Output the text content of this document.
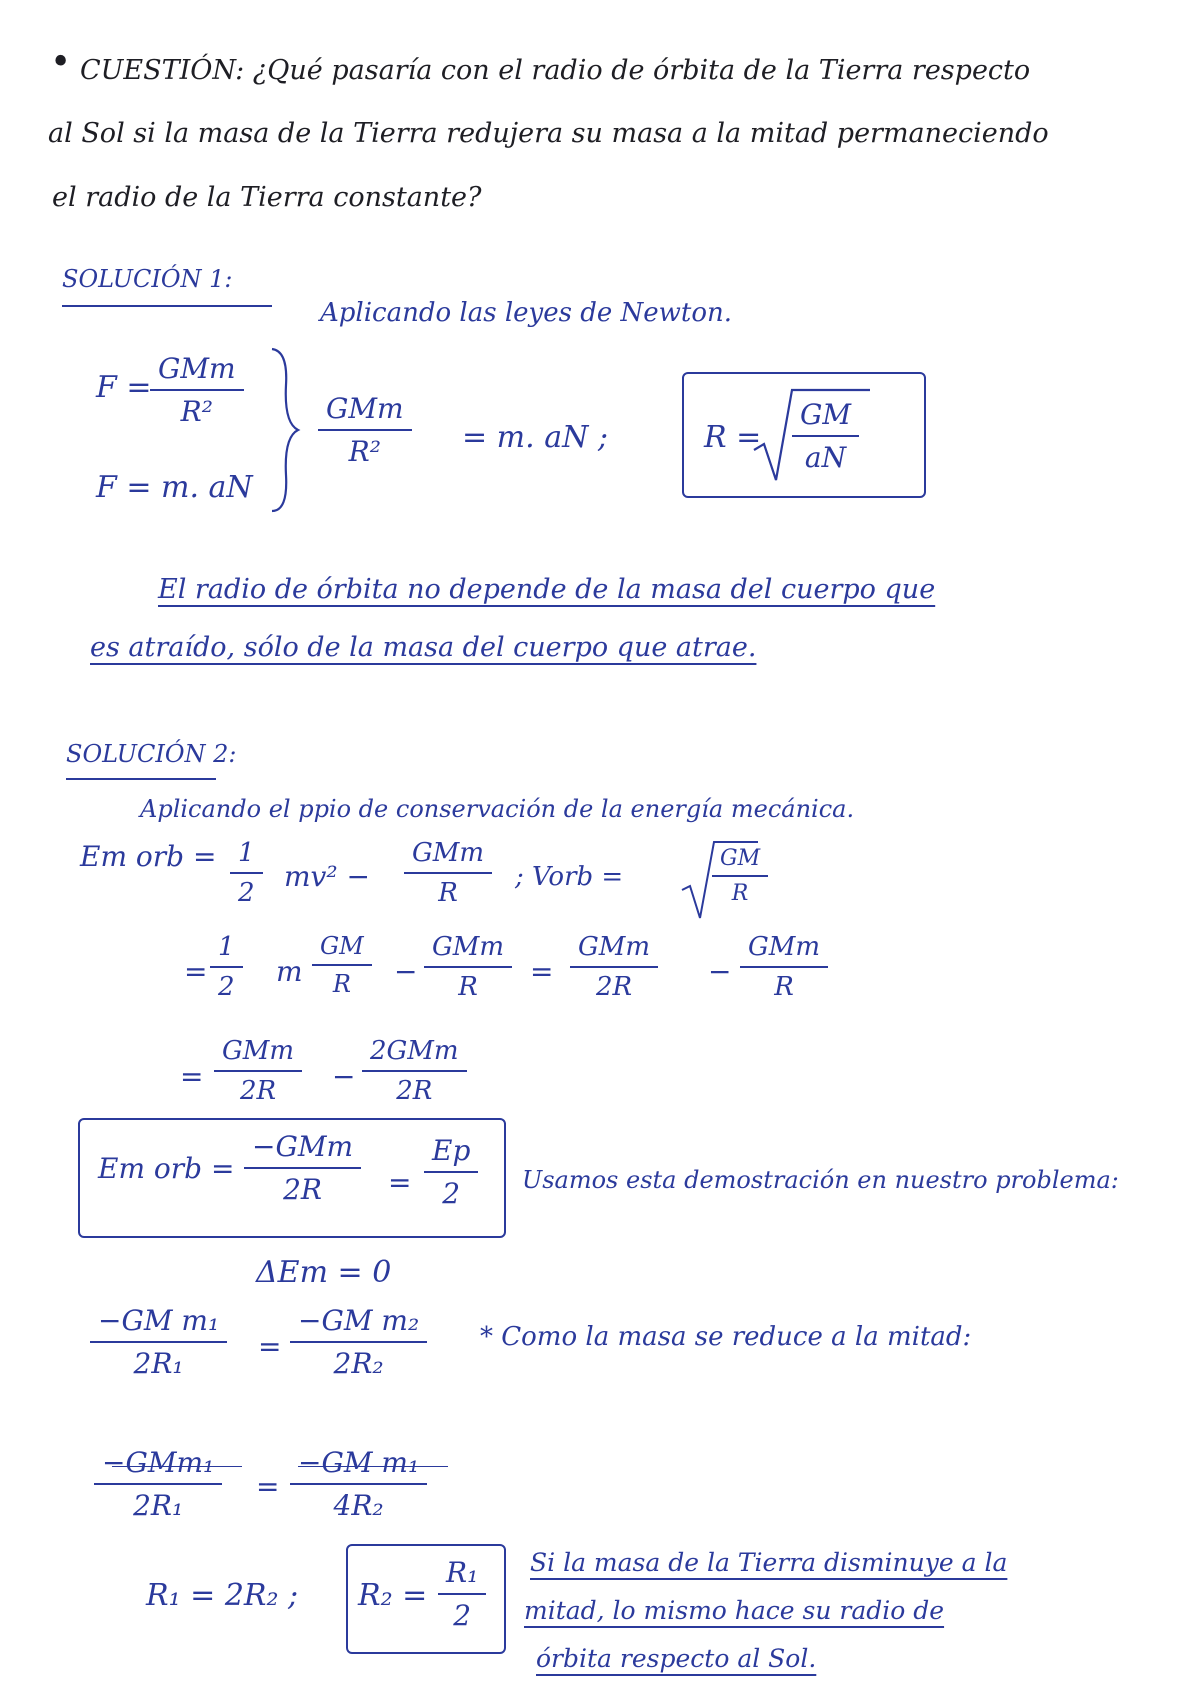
• CUESTIÓN: ¿Qué pasaría con el radio de órbita de la Tierra respecto
al Sol si la masa de la Tierra redujera su masa a la mitad permaneciendo
el radio de la Tierra constante?
SOLUCIÓN 1:
Aplicando las leyes de Newton.
F =
GMm
R²
F = m. aN
GMm
R²	= m. aN ;	$R = \frac{GM}{aN}$
El radio de órbita no depende de la masa del cuerpo que
es atraído, sólo de la masa del cuerpo que atrae.
SOLUCIÓN 2:
Aplicando el ppio de conservación de la energía mecánica.
Em orb = $\frac{1}{2} mv^2$ −
GMm
R
; Vorb =	$\frac{GM}{R}$
= $\frac{1}{2}$ m $\frac{GM}{R}$ −
GMm
R =
GMm
2R	−
GMm
R
=
GMm
2R −
2GMm
2R
Em orb =
−GMm
$2R = \frac{Ep}{2}$ Usamos esta demostración en nuestro problema:
ΔEm = 0
$\frac{\text{−GM m₁}}{\text{2R₁}} = \frac{\text{−GM m₂}}{\text{2R₂}}$ * Como la masa se reduce a la mitad:
−GMm₁
2R₁
= $\frac{\text{−GM m₁}}{\text{4R₂}}$
R₁ = 2R₂ ; $R_2 = \frac{\text{R₁}}{2}$ Si la masa de la Tierra disminuye a la
mitad, lo mismo hace su radio de
órbita respecto al Sol.
